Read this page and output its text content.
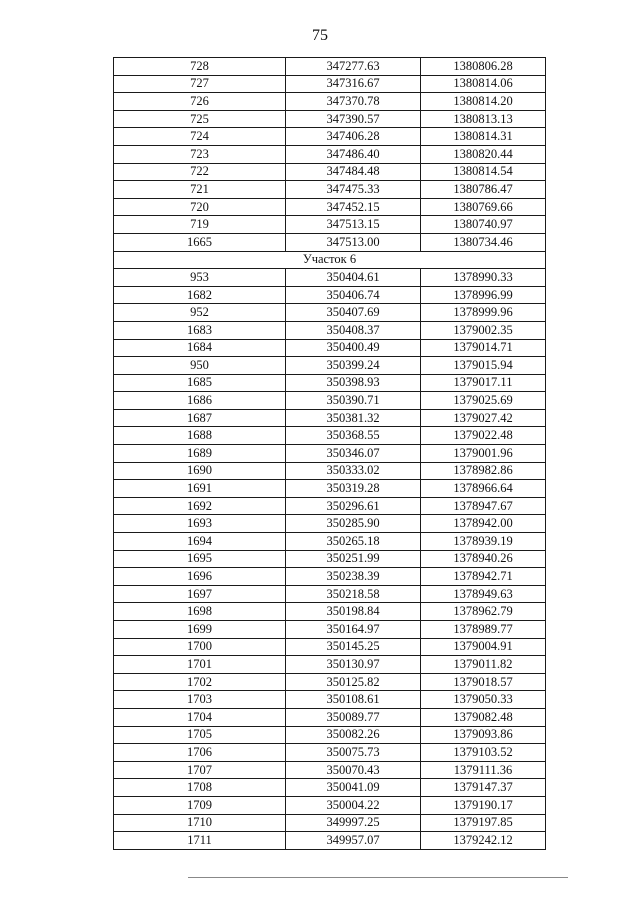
75
728	347277.63	1380806.28
727	347316.67	1380814.06
726	347370.78	1380814.20
725	347390.57	1380813.13
724	347406.28	1380814.31
723	347486.40	1380820.44
722	347484.48	1380814.54
721	347475.33	1380786.47
720	347452.15	1380769.66
719	347513.15	1380740.97
1665	347513.00	1380734.46
Участок 6		
953	350404.61	1378990.33
1682	350406.74	1378996.99
952	350407.69	1378999.96
1683	350408.37	1379002.35
1684	350400.49	1379014.71
950	350399.24	1379015.94
1685	350398.93	1379017.11
1686	350390.71	1379025.69
1687	350381.32	1379027.42
1688	350368.55	1379022.48
1689	350346.07	1379001.96
1690	350333.02	1378982.86
1691	350319.28	1378966.64
1692	350296.61	1378947.67
1693	350285.90	1378942.00
1694	350265.18	1378939.19
1695	350251.99	1378940.26
1696	350238.39	1378942.71
1697	350218.58	1378949.63
1698	350198.84	1378962.79
1699	350164.97	1378989.77
1700	350145.25	1379004.91
1701	350130.97	1379011.82
1702	350125.82	1379018.57
1703	350108.61	1379050.33
1704	350089.77	1379082.48
1705	350082.26	1379093.86
1706	350075.73	1379103.52
1707	350070.43	1379111.36
1708	350041.09	1379147.37
1709	350004.22	1379190.17
1710	349997.25	1379197.85
1711	349957.07	1379242.12
